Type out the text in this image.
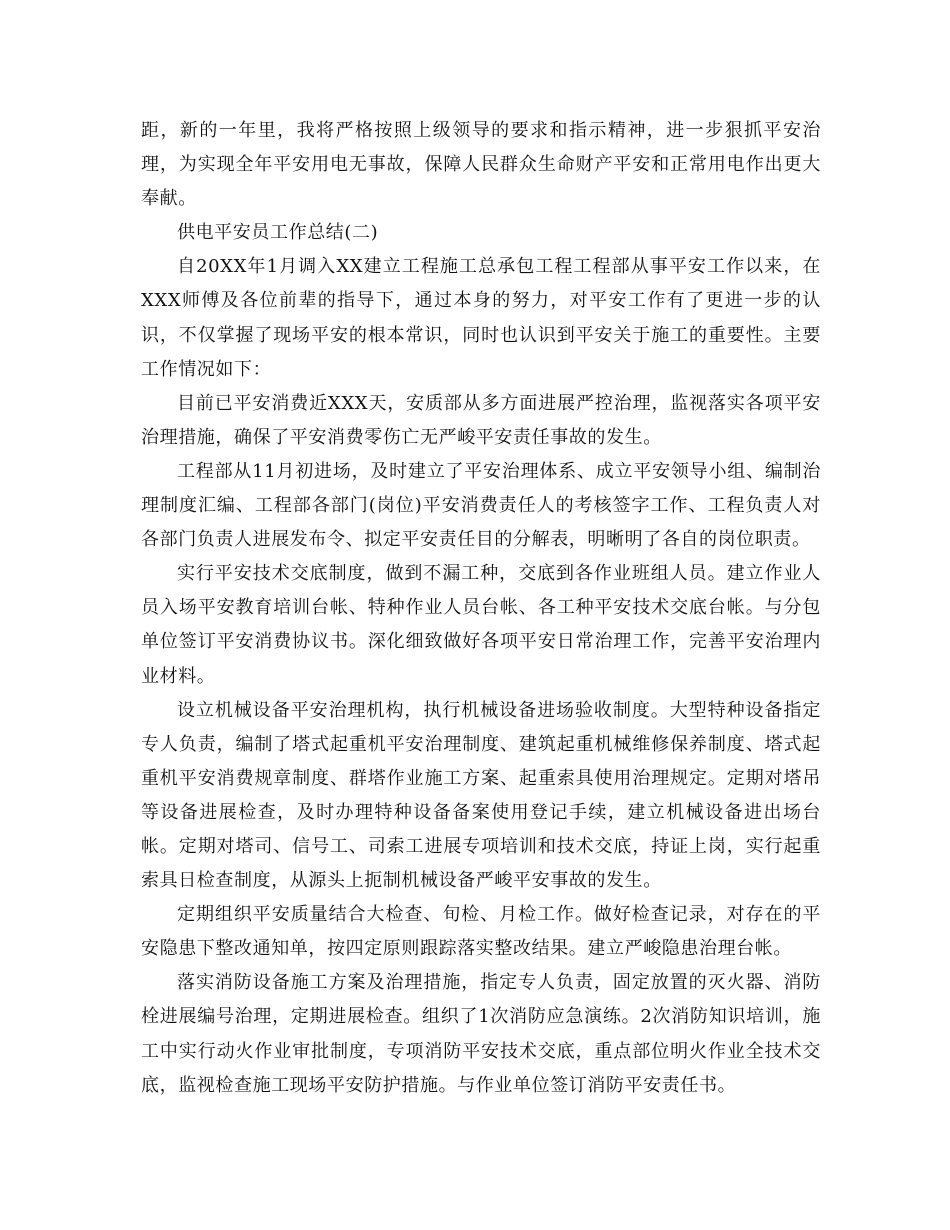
距，新的一年里，我将严格按照上级领导的要求和指示精神，进一步狠抓平安治理，为实现全年平安用电无事故，保障人民群众生命财产平安和正常用电作出更大奉献。

供电平安员工作总结(二)

自20XX年1月调入XX建立工程施工总承包工程工程部从事平安工作以来，在XXX师傅及各位前辈的指导下，通过本身的努力，对平安工作有了更进一步的认识，不仅掌握了现场平安的根本常识，同时也认识到平安关于施工的重要性。主要工作情况如下：

目前已平安消费近XXX天，安质部从多方面进展严控治理，监视落实各项平安治理措施，确保了平安消费零伤亡无严峻平安责任事故的发生。

工程部从11月初进场，及时建立了平安治理体系、成立平安领导小组、编制治理制度汇编、工程部各部门(岗位)平安消费责任人的考核签字工作、工程负责人对各部门负责人进展发布令、拟定平安责任目的分解表，明晰明了各自的岗位职责。

实行平安技术交底制度，做到不漏工种，交底到各作业班组人员。建立作业人员入场平安教育培训台帐、特种作业人员台帐、各工种平安技术交底台帐。与分包单位签订平安消费协议书。深化细致做好各项平安日常治理工作，完善平安治理内业材料。

设立机械设备平安治理机构，执行机械设备进场验收制度。大型特种设备指定专人负责，编制了塔式起重机平安治理制度、建筑起重机械维修保养制度、塔式起重机平安消费规章制度、群塔作业施工方案、起重索具使用治理规定。定期对塔吊等设备进展检查，及时办理特种设备备案使用登记手续，建立机械设备进出场台帐。定期对塔司、信号工、司索工进展专项培训和技术交底，持证上岗，实行起重索具日检查制度，从源头上扼制机械设备严峻平安事故的发生。

定期组织平安质量结合大检查、旬检、月检工作。做好检查记录，对存在的平安隐患下整改通知单，按四定原则跟踪落实整改结果。建立严峻隐患治理台帐。

落实消防设备施工方案及治理措施，指定专人负责，固定放置的灭火器、消防栓进展编号治理，定期进展检查。组织了1次消防应急演练。2次消防知识培训，施工中实行动火作业审批制度，专项消防平安技术交底，重点部位明火作业全技术交底，监视检查施工现场平安防护措施。与作业单位签订消防平安责任书。
